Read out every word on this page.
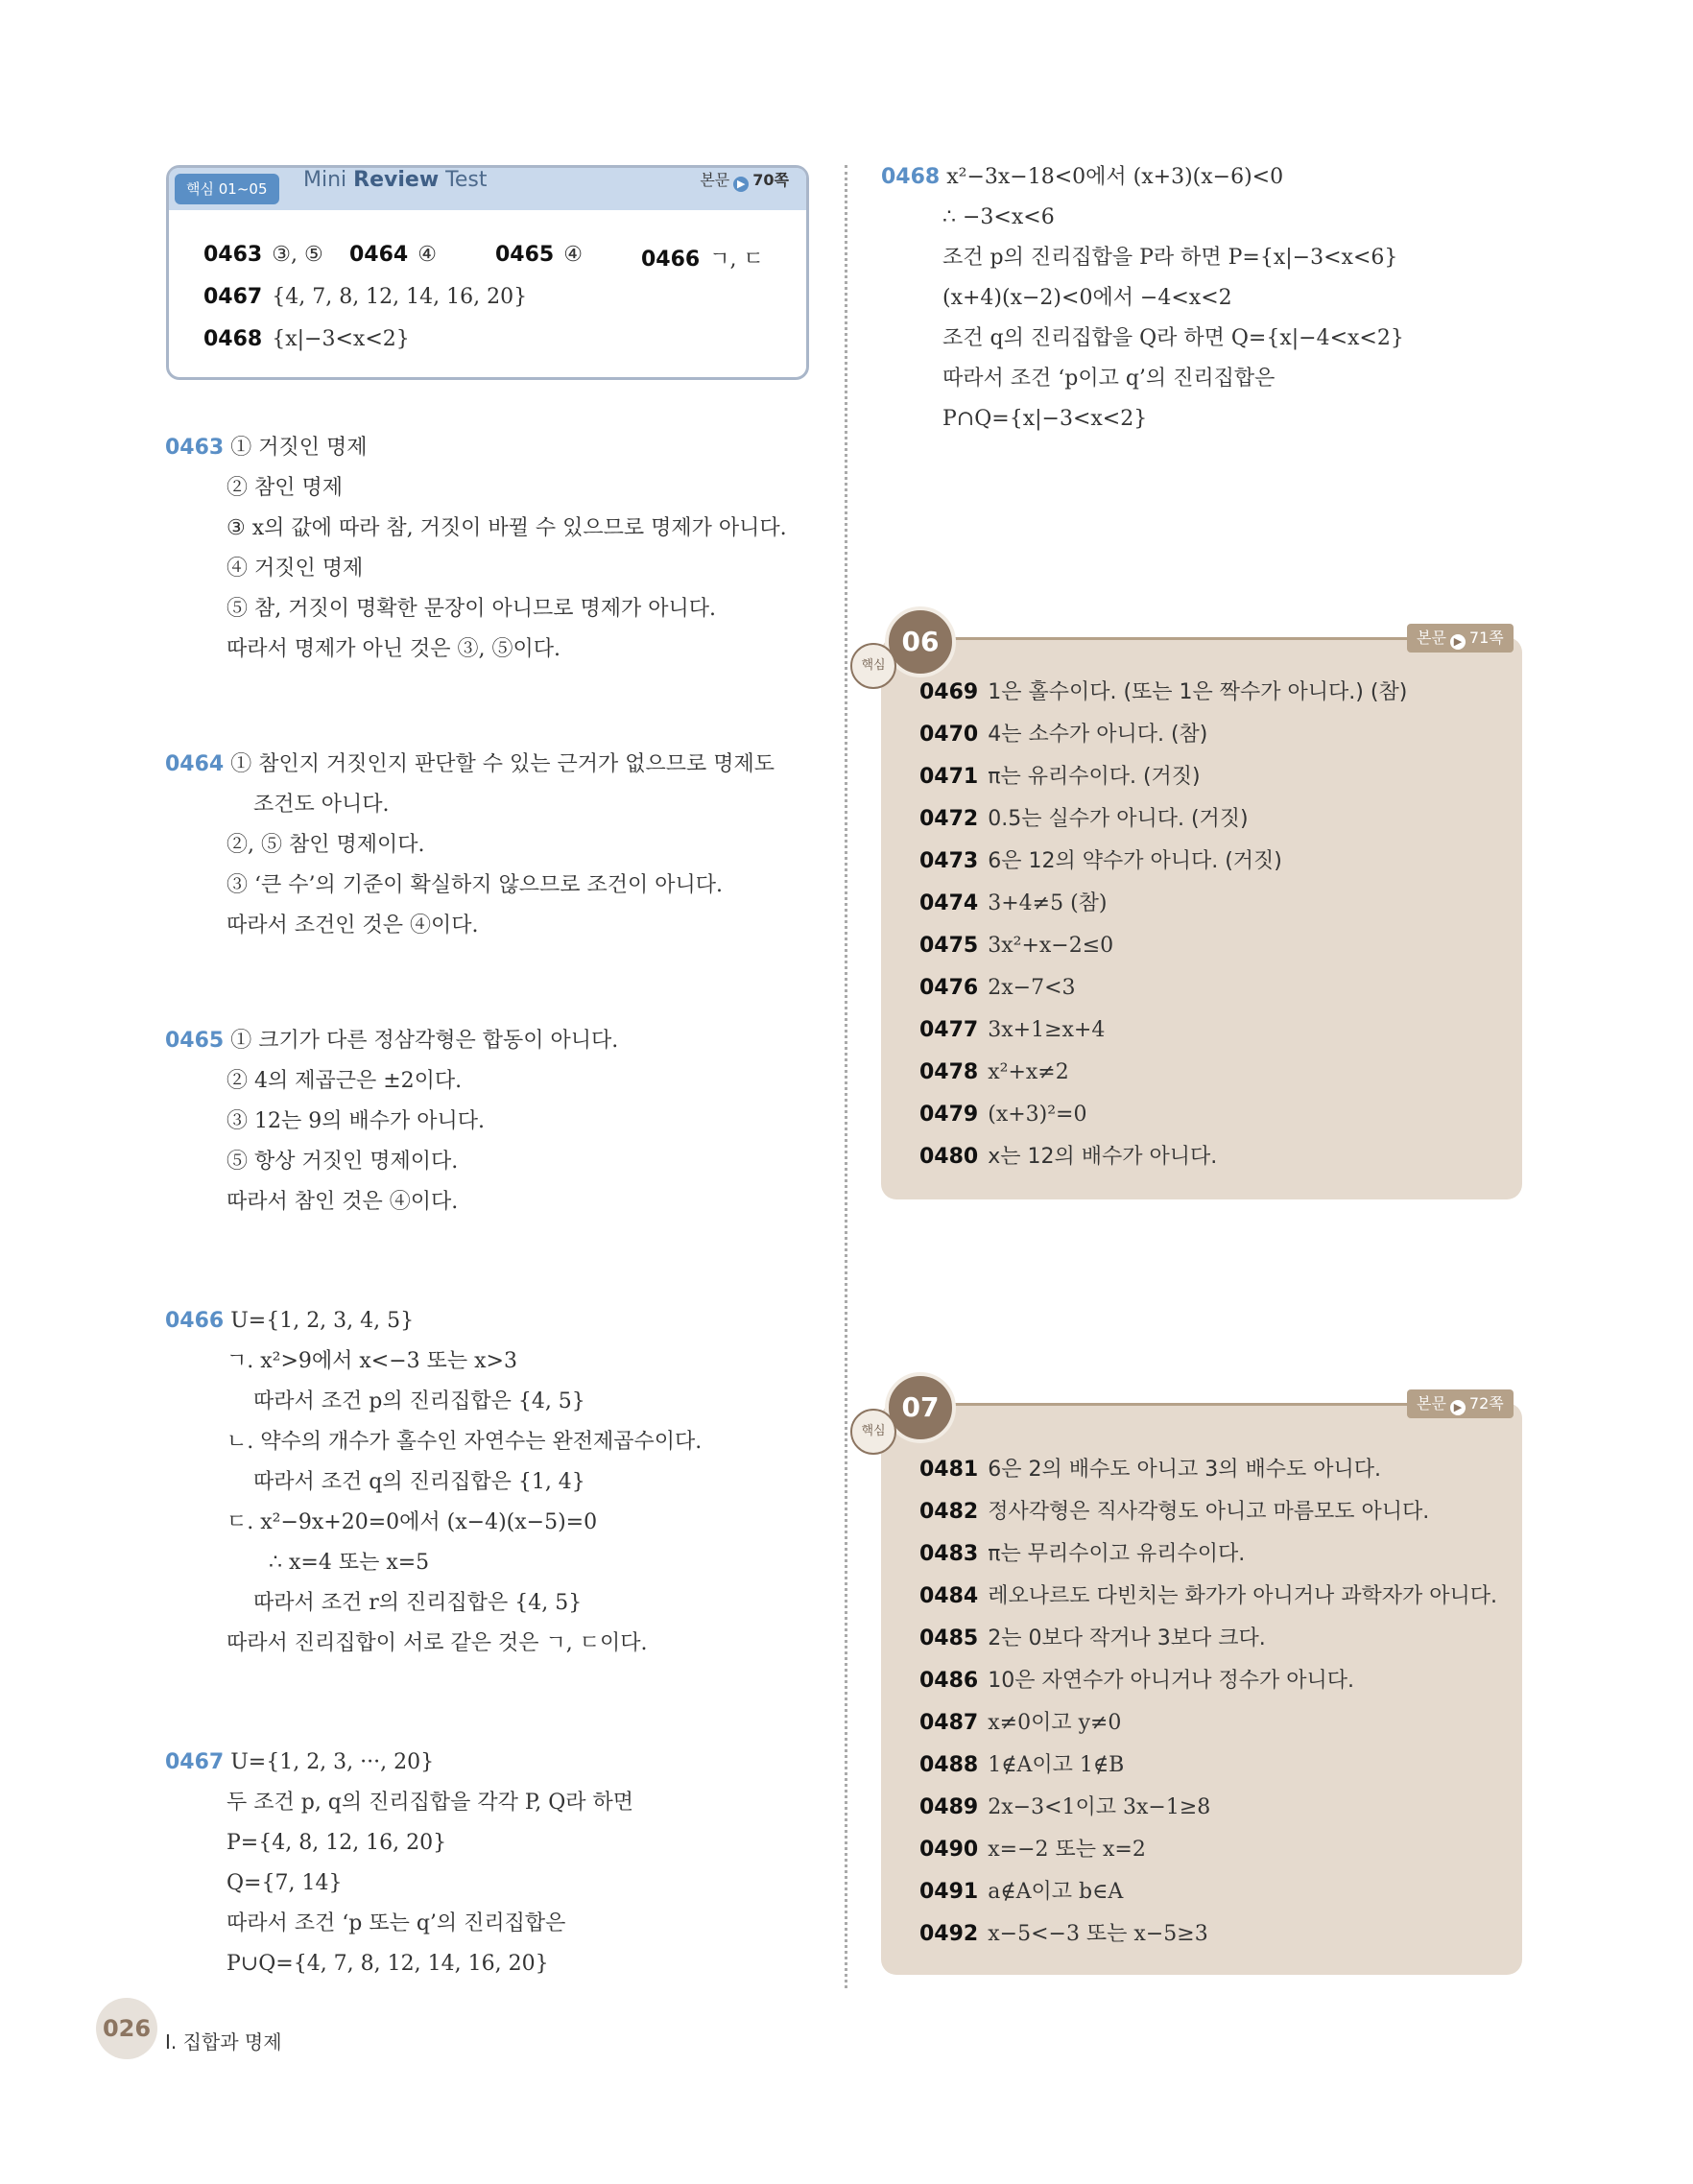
핵심 01~05	Mini Review Test	본문 ▶ 70쪽
0463 ③, ⑤ 0464 ④	0465 ④	0466 ㄱ, ㄷ
0467 {4, 7, 8, 12, 14, 16, 20}
0468 {x|−3<x<2}
0463 ① 거짓인 명제
② 참인 명제
③ x의 값에 따라 참, 거짓이 바뀔 수 있으므로 명제가 아니다.
④ 거짓인 명제
⑤ 참, 거짓이 명확한 문장이 아니므로 명제가 아니다.
따라서 명제가 아닌 것은 ③, ⑤이다.
0464 ① 참인지 거짓인지 판단할 수 있는 근거가 없으므로 명제도
조건도 아니다.
②, ⑤ 참인 명제이다.
③ ‘큰 수’의 기준이 확실하지 않으므로 조건이 아니다.
따라서 조건인 것은 ④이다.
0465 ① 크기가 다른 정삼각형은 합동이 아니다.
② 4의 제곱근은 ±2이다.
③ 12는 9의 배수가 아니다.
⑤ 항상 거짓인 명제이다.
따라서 참인 것은 ④이다.
0466 U={1, 2, 3, 4, 5}
ㄱ. x²>9에서 x<−3 또는 x>3
따라서 조건 p의 진리집합은 {4, 5}
ㄴ. 약수의 개수가 홀수인 자연수는 완전제곱수이다.
따라서 조건 q의 진리집합은 {1, 4}
ㄷ. x²−9x+20=0에서 (x−4)(x−5)=0
∴ x=4 또는 x=5
따라서 조건 r의 진리집합은 {4, 5}
따라서 진리집합이 서로 같은 것은 ㄱ, ㄷ이다.
0467 U={1, 2, 3, ···, 20}
두 조건 p, q의 진리집합을 각각 P, Q라 하면
P={4, 8, 12, 16, 20}
Q={7, 14}
따라서 조건 ‘p 또는 q’의 진리집합은
P∪Q={4, 7, 8, 12, 14, 16, 20}
0468 x²−3x−18<0에서 (x+3)(x−6)<0
∴ −3<x<6
조건 p의 진리집합을 P라 하면 P={x|−3<x<6}
(x+4)(x−2)<0에서 −4<x<2
조건 q의 진리집합을 Q라 하면 Q={x|−4<x<2}
따라서 조건 ‘p이고 q’의 진리집합은
P∩Q={x|−3<x<2}
06
핵심
본문 ▶ 71쪽
0469 1은 홀수이다. (또는 1은 짝수가 아니다.) (참)
0470 4는 소수가 아니다. (참)
0471 π는 유리수이다. (거짓)
0472 0.5는 실수가 아니다. (거짓)
0473 6은 12의 약수가 아니다. (거짓)
0474 3+4≠5 (참)
0475 3x²+x−2≤0
0476 2x−7<3
0477 3x+1≥x+4
0478 x²+x≠2
0479 (x+3)²=0
0480 x는 12의 배수가 아니다.
07
핵심
본문 ▶ 72쪽
0481 6은 2의 배수도 아니고 3의 배수도 아니다.
0482 정사각형은 직사각형도 아니고 마름모도 아니다.
0483 π는 무리수이고 유리수이다.
0484 레오나르도 다빈치는 화가가 아니거나 과학자가 아니다.
0485 2는 0보다 작거나 3보다 크다.
0486 10은 자연수가 아니거나 정수가 아니다.
0487 x≠0이고 y≠0
0488 1∉A이고 1∉B
0489 2x−3<1이고 3x−1≥8
0490 x=−2 또는 x=2
0491 a∉A이고 b∈A
0492 x−5<−3 또는 x−5≥3
026 I. 집합과 명제
